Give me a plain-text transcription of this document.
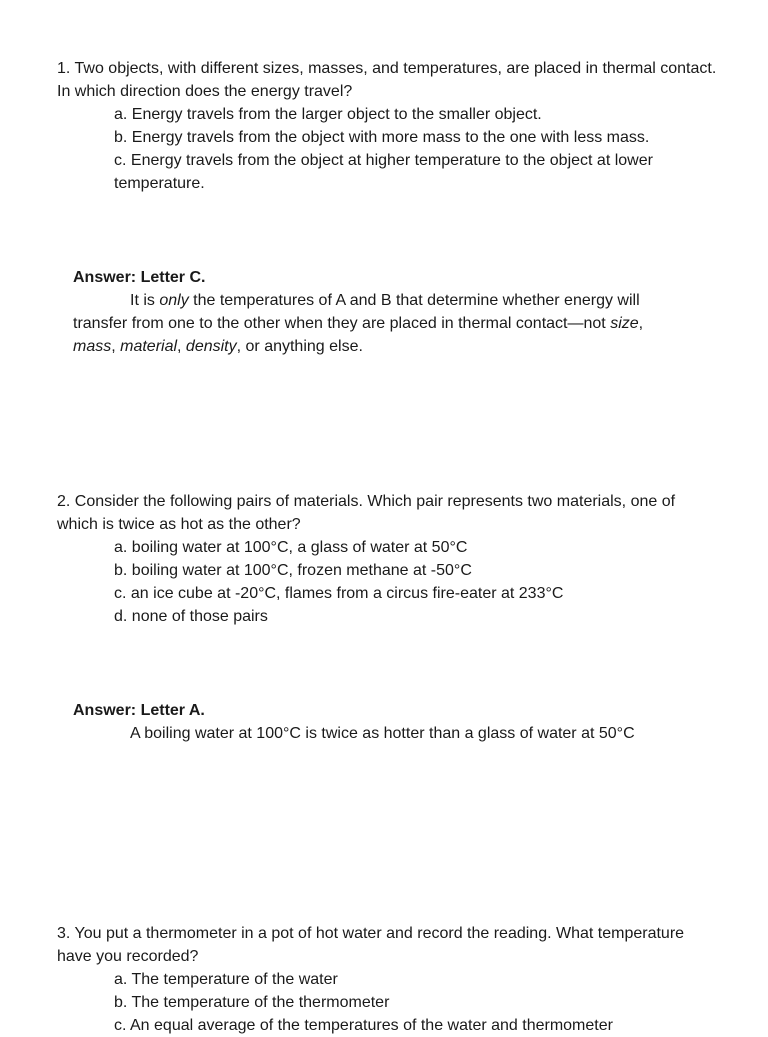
1. Two objects, with different sizes, masses, and temperatures, are placed in thermal contact. In which direction does the energy travel?

a. Energy travels from the larger object to the smaller object.
b. Energy travels from the object with more mass to the one with less mass.
c. Energy travels from the object at higher temperature to the object at lower temperature.

Answer: Letter C.

It is only the temperatures of A and B that determine whether energy will transfer from one to the other when they are placed in thermal contact—not size, mass, material, density, or anything else.

2. Consider the following pairs of materials. Which pair represents two materials, one of which is twice as hot as the other?

a. boiling water at 100°C, a glass of water at 50°C
b. boiling water at 100°C, frozen methane at -50°C
c. an ice cube at -20°C, flames from a circus fire-eater at 233°C
d. none of those pairs

Answer: Letter A.

A boiling water at 100°C is twice as hotter than a glass of water at 50°C

3. You put a thermometer in a pot of hot water and record the reading. What temperature have you recorded?

a. The temperature of the water
b. The temperature of the thermometer
c. An equal average of the temperatures of the water and thermometer
